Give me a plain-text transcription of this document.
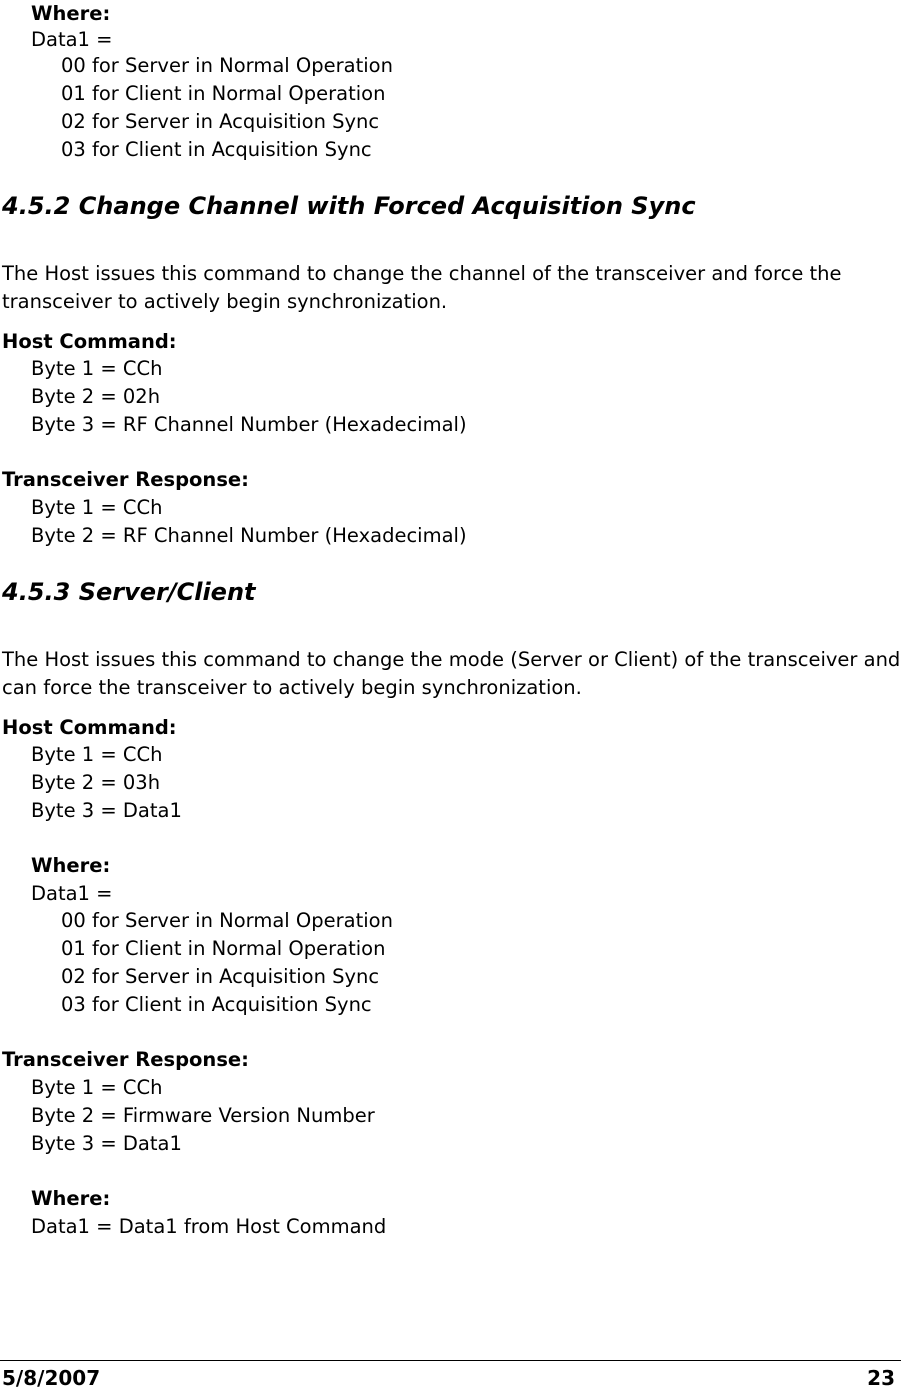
Where:
Data1 =
00 for Server in Normal Operation
01 for Client in Normal Operation
02 for Server in Acquisition Sync
03 for Client in Acquisition Sync
4.5.2 Change Channel with Forced Acquisition Sync
The Host issues this command to change the channel of the transceiver and force the
transceiver to actively begin synchronization.
Host Command:
Byte 1 = CCh
Byte 2 = 02h
Byte 3 = RF Channel Number (Hexadecimal)
Transceiver Response:
Byte 1 = CCh
Byte 2 = RF Channel Number (Hexadecimal)
4.5.3 Server/Client
The Host issues this command to change the mode (Server or Client) of the transceiver and
can force the transceiver to actively begin synchronization.
Host Command:
Byte 1 = CCh
Byte 2 = 03h
Byte 3 = Data1
Where:
Data1 =
00 for Server in Normal Operation
01 for Client in Normal Operation
02 for Server in Acquisition Sync
03 for Client in Acquisition Sync
Transceiver Response:
Byte 1 = CCh
Byte 2 = Firmware Version Number
Byte 3 = Data1
Where:
Data1 = Data1 from Host Command
5/8/2007	23
